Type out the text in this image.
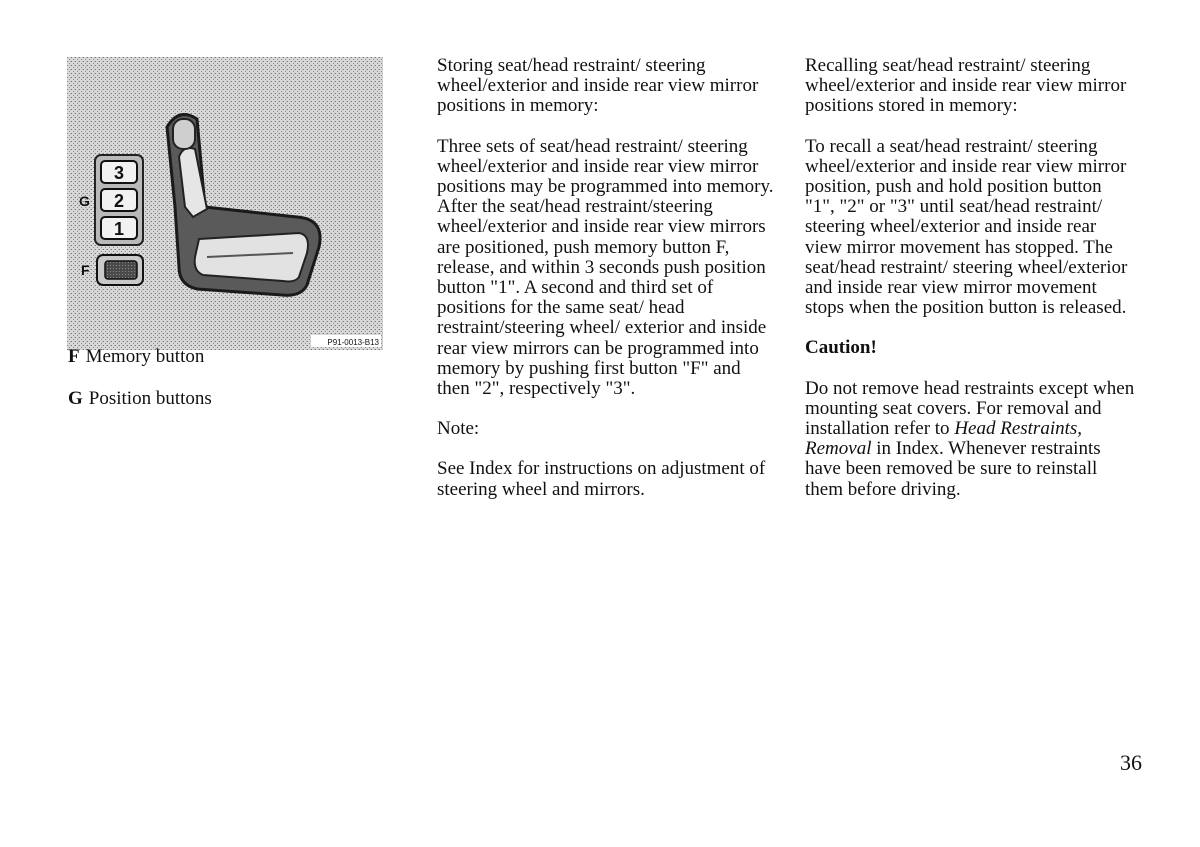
3
2
1
G
F
P91-0013-B13

F Memory button

G Position buttons

Storing seat/head restraint/ steering wheel/exterior and inside rear view mirror positions in memory:

Three sets of seat/head restraint/ steering wheel/exterior and inside rear view mirror positions may be programmed into memory. After the seat/head restraint/steering wheel/exterior and inside rear view mirrors are positioned, push memory button F, release, and within 3 seconds push position button "1". A second and third set of positions for the same seat/ head restraint/steering wheel/ exterior and inside rear view mirrors can be programmed into memory by pushing first button "F" and then "2", respectively "3".

Note:

See Index for instructions on adjustment of steering wheel and mirrors.

Recalling seat/head restraint/ steering wheel/exterior and inside rear view mirror positions stored in memory:

To recall a seat/head restraint/ steering wheel/exterior and inside rear view mirror position, push and hold position button "1", "2" or "3" until seat/head restraint/ steering wheel/exterior and inside rear view mirror movement has stopped. The seat/head restraint/ steering wheel/exterior and inside rear view mirror movement stops when the position button is released.

Caution!

Do not remove head restraints except when mounting seat covers. For removal and installation refer to Head Restraints, Removal in Index. Whenever restraints have been removed be sure to reinstall them before driving.

36
